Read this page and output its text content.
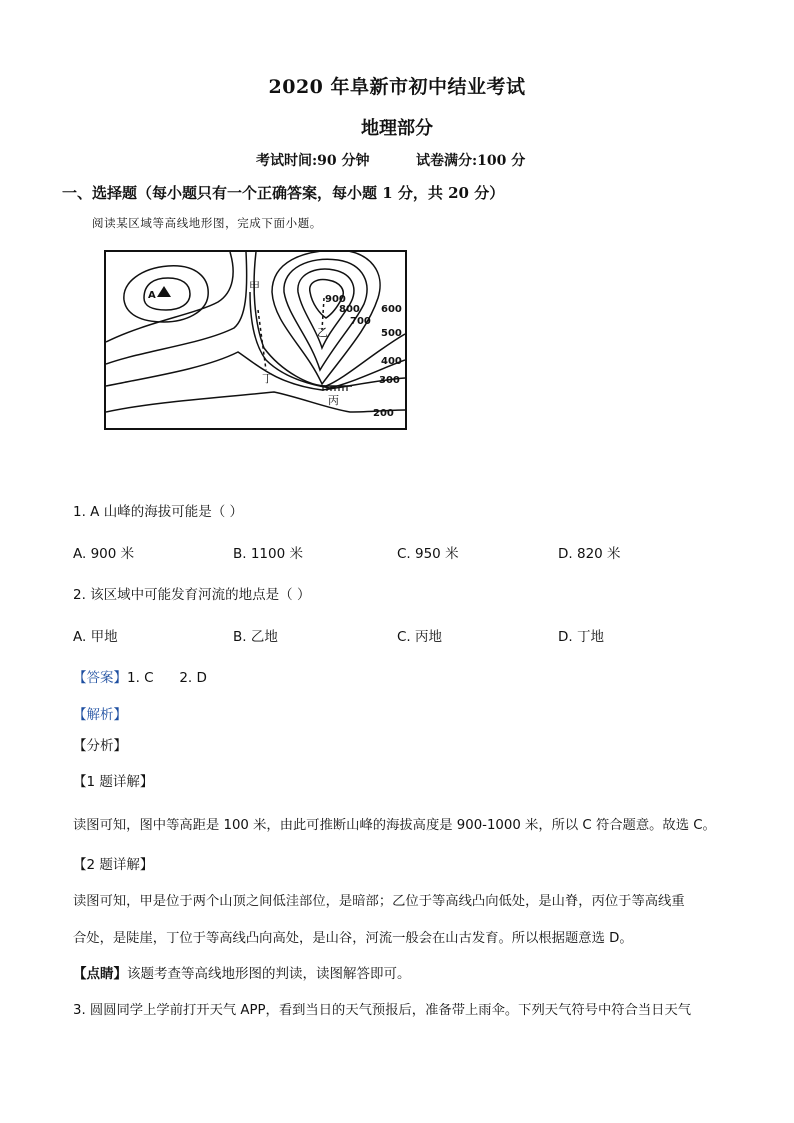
2020 年阜新市初中结业考试
地理部分
考试时间:90 分钟	试卷满分:100 分
一、选择题（每小题只有一个正确答案，每小题 1 分，共 20 分）
阅读某区域等高线地形图，完成下面小题。
A
甲
乙
丙
丁
900
800
700
600
500
400
300
200
1. A 山峰的海拔可能是（ ）
A. 900 米	B. 1100 米	C. 950 米	D. 820 米
2. 该区域中可能发育河流的地点是（ ）
A. 甲地	B. 乙地	C. 丙地	D. 丁地
【答案】1. C      2. D
【解析】
【分析】
【1 题详解】
读图可知，图中等高距是 100 米，由此可推断山峰的海拔高度是 900-1000 米，所以 C 符合题意。故选 C。
【2 题详解】
读图可知，甲是位于两个山顶之间低洼部位，是暗部；乙位于等高线凸向低处，是山脊，丙位于等高线重
合处，是陡崖，丁位于等高线凸向高处，是山谷，河流一般会在山古发育。所以根据题意选 D。
【点睛】该题考查等高线地形图的判读，读图解答即可。
3. 圆圆同学上学前打开天气 APP，看到当日的天气预报后，准备带上雨伞。下列天气符号中符合当日天气
